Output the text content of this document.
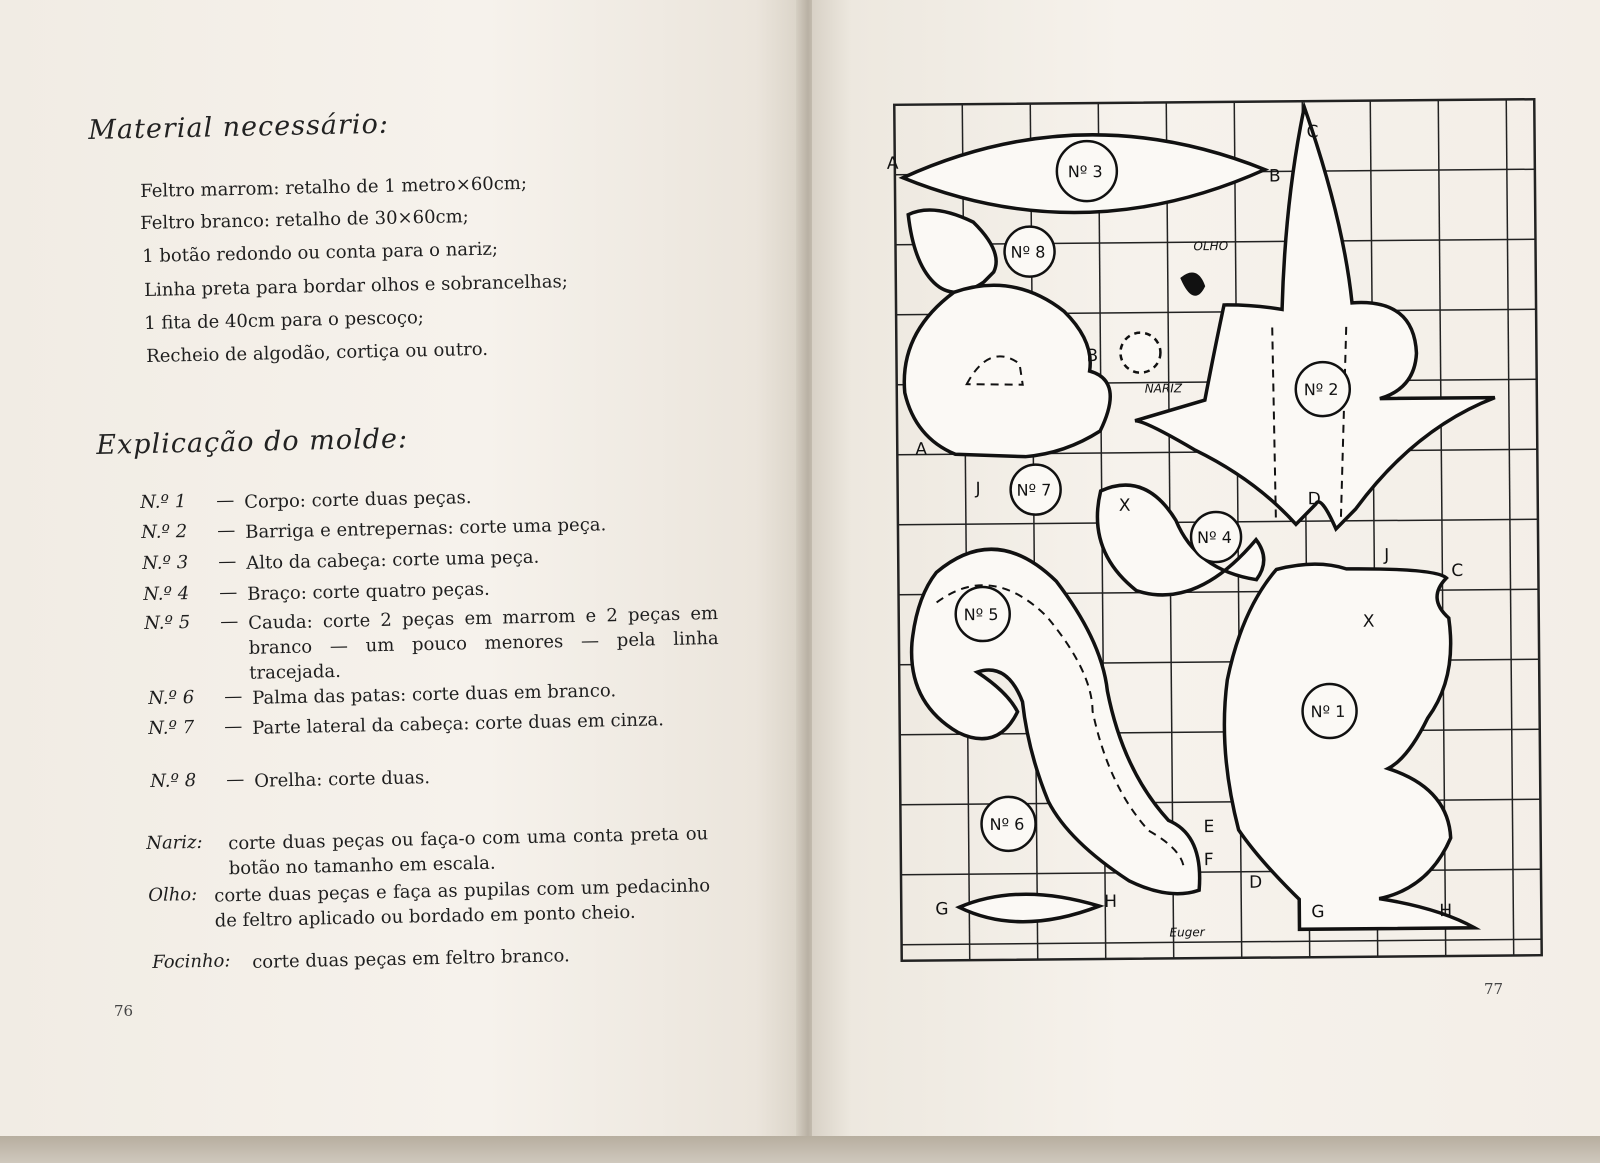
Material necessário:
Feltro marrom: retalho de 1 metro×60cm;
Feltro branco: retalho de 30×60cm;
1 botão redondo ou conta para o nariz;
Linha preta para bordar olhos e sobrancelhas;
1 fita de 40cm para o pescoço;
Recheio de algodão, cortiça ou outro.
Explicação do molde:
N.º 1 — Corpo: corte duas peças.
N.º 2 — Barriga e entrepernas: corte uma peça.
N.º 3 — Alto da cabeça: corte uma peça.
N.º 4 — Braço: corte quatro peças.
N.º 5 — Cauda: corte 2 peças em marrom e 2 peças em branco — um pouco menores — pela linha tracejada.
N.º 6 — Palma das patas: corte duas em branco.
N.º 7 — Parte lateral da cabeça: corte duas em cinza.
N.º 8 — Orelha: corte duas.
Nariz: corte duas peças ou faça-o com uma conta preta ou botão no tamanho em escala.
Olho: corte duas peças e faça as pupilas com um pedacinho de feltro aplicado ou bordado em ponto cheio.
Focinho: corte duas peças em feltro branco.
76
77
Nº 3
Nº 8
Nº 2
Nº 7
Nº 4
Nº 5
Nº 1
Nº 6
A
B
C
B
A
J
X	D
J
C
X
E
F
D
G	H
G	H
OLHO
NARIZ
Euger
